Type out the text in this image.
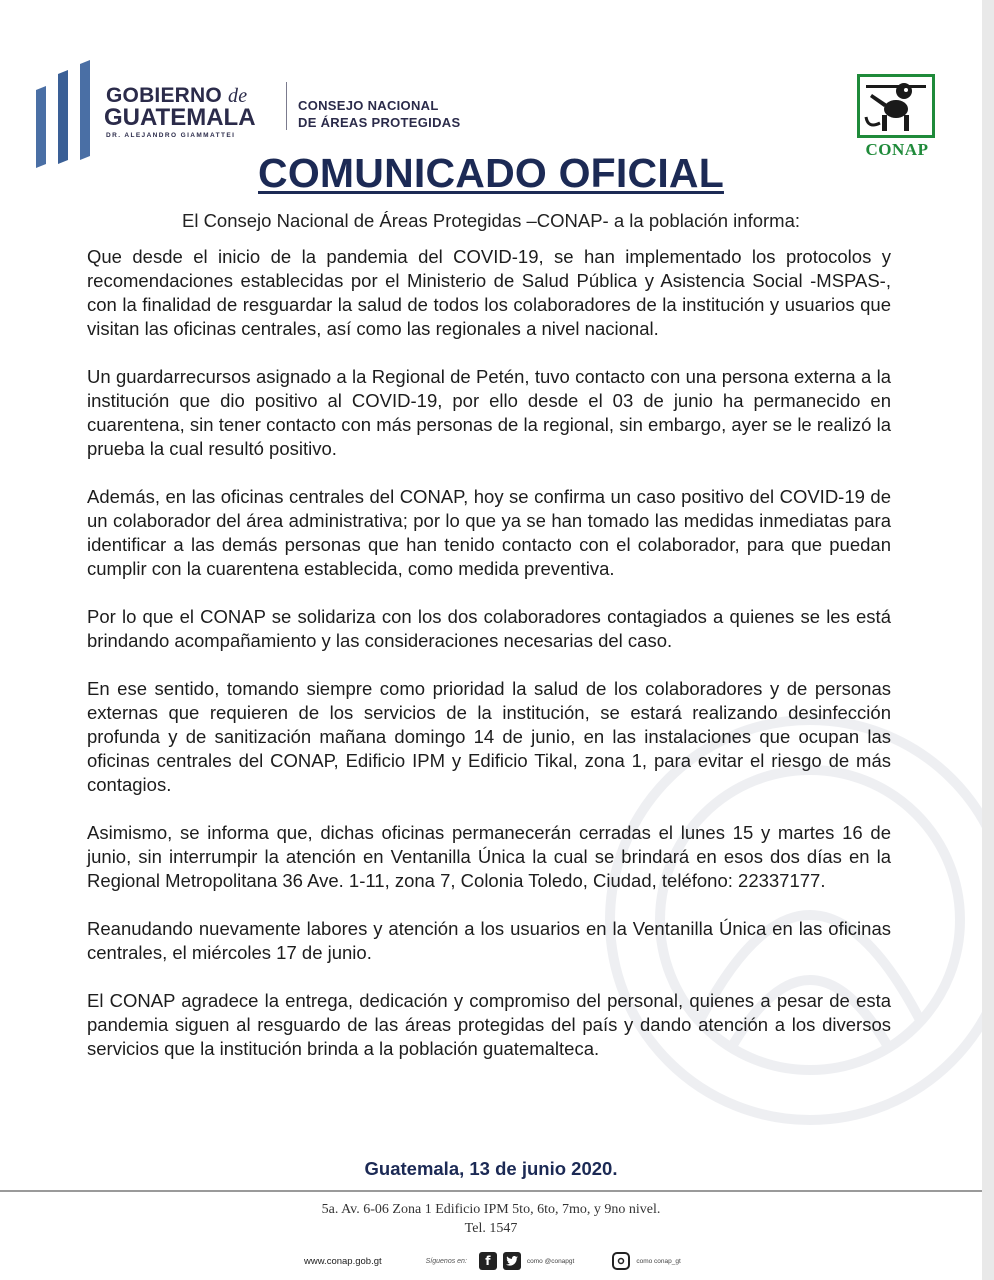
GOBIERNO de
GUATEMALA
DR. ALEJANDRO GIAMMATTEI
CONSEJO NACIONAL
DE ÁREAS PROTEGIDAS
CONAP
COMUNICADO OFICIAL
El Consejo Nacional de Áreas Protegidas –CONAP- a la población informa:

Que desde el inicio de la pandemia del COVID-19, se han implementado los protocolos y recomendaciones establecidas por el Ministerio de Salud Pública y Asistencia Social -MSPAS-, con la finalidad de resguardar la salud de todos los colaboradores de la institución y usuarios que visitan las oficinas centrales, así como las regionales a nivel nacional.

Un guardarrecursos asignado a la Regional de Petén, tuvo contacto con una persona externa a la institución que dio positivo al COVID-19, por ello desde el 03 de junio ha permanecido en cuarentena, sin tener contacto con más personas de la regional, sin embargo, ayer se le realizó la prueba la cual resultó positivo.

Además, en las oficinas centrales del CONAP, hoy se confirma un caso positivo del COVID-19 de un colaborador del área administrativa; por lo que ya se han tomado las medidas inmediatas para identificar a las demás personas que han tenido contacto con el colaborador, para que puedan cumplir con la cuarentena establecida, como medida preventiva.

Por lo que el CONAP se solidariza con los dos colaboradores contagiados a quienes se les está brindando acompañamiento y las consideraciones necesarias del caso.

En ese sentido, tomando siempre como prioridad la salud de los colaboradores y de personas externas que requieren de los servicios de la institución, se estará realizando desinfección profunda y de sanitización mañana domingo 14 de junio, en las instalaciones que ocupan las oficinas centrales del CONAP, Edificio IPM y Edificio Tikal, zona 1, para evitar el riesgo de más contagios.

Asimismo, se informa que, dichas oficinas permanecerán cerradas el lunes 15 y martes 16 de junio, sin interrumpir la atención en Ventanilla Única la cual se brindará en esos dos días en la Regional Metropolitana 36 Ave. 1-11, zona 7, Colonia Toledo, Ciudad, teléfono: 22337177.

Reanudando nuevamente labores y atención a los usuarios en la Ventanilla Única en las oficinas centrales, el miércoles 17 de junio.

El CONAP agradece la entrega, dedicación y compromiso del personal, quienes a pesar de esta pandemia siguen al resguardo de las áreas protegidas del país y dando atención a los diversos servicios que la institución brinda a la población guatemalteca.

Guatemala, 13 de junio 2020.
5a. Av. 6-06 Zona 1 Edificio IPM 5to, 6to, 7mo, y 9no nivel.
Tel. 1547
www.conap.gob.gt	Síguenos en:	f	como @conapgt	como conap_gt
